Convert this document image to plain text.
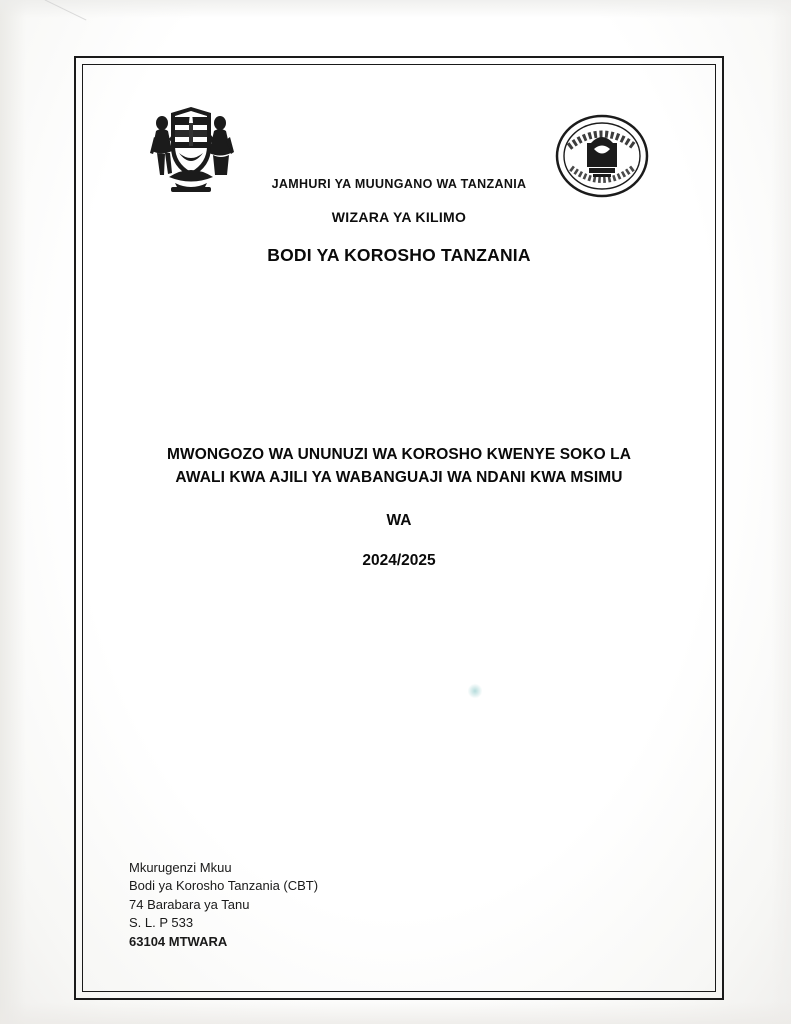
JAMHURI YA MUUNGANO WA TANZANIA

WIZARA YA KILIMO

BODI YA KOROSHO TANZANIA

MWONGOZO WA UNUNUZI WA KOROSHO KWENYE SOKO LA

AWALI KWA AJILI YA WABANGUAJI WA NDANI KWA MSIMU

WA

2024/2025

Mkurugenzi Mkuu

Bodi ya Korosho Tanzania (CBT)

74 Barabara ya Tanu

S. L. P 533

63104 MTWARA
